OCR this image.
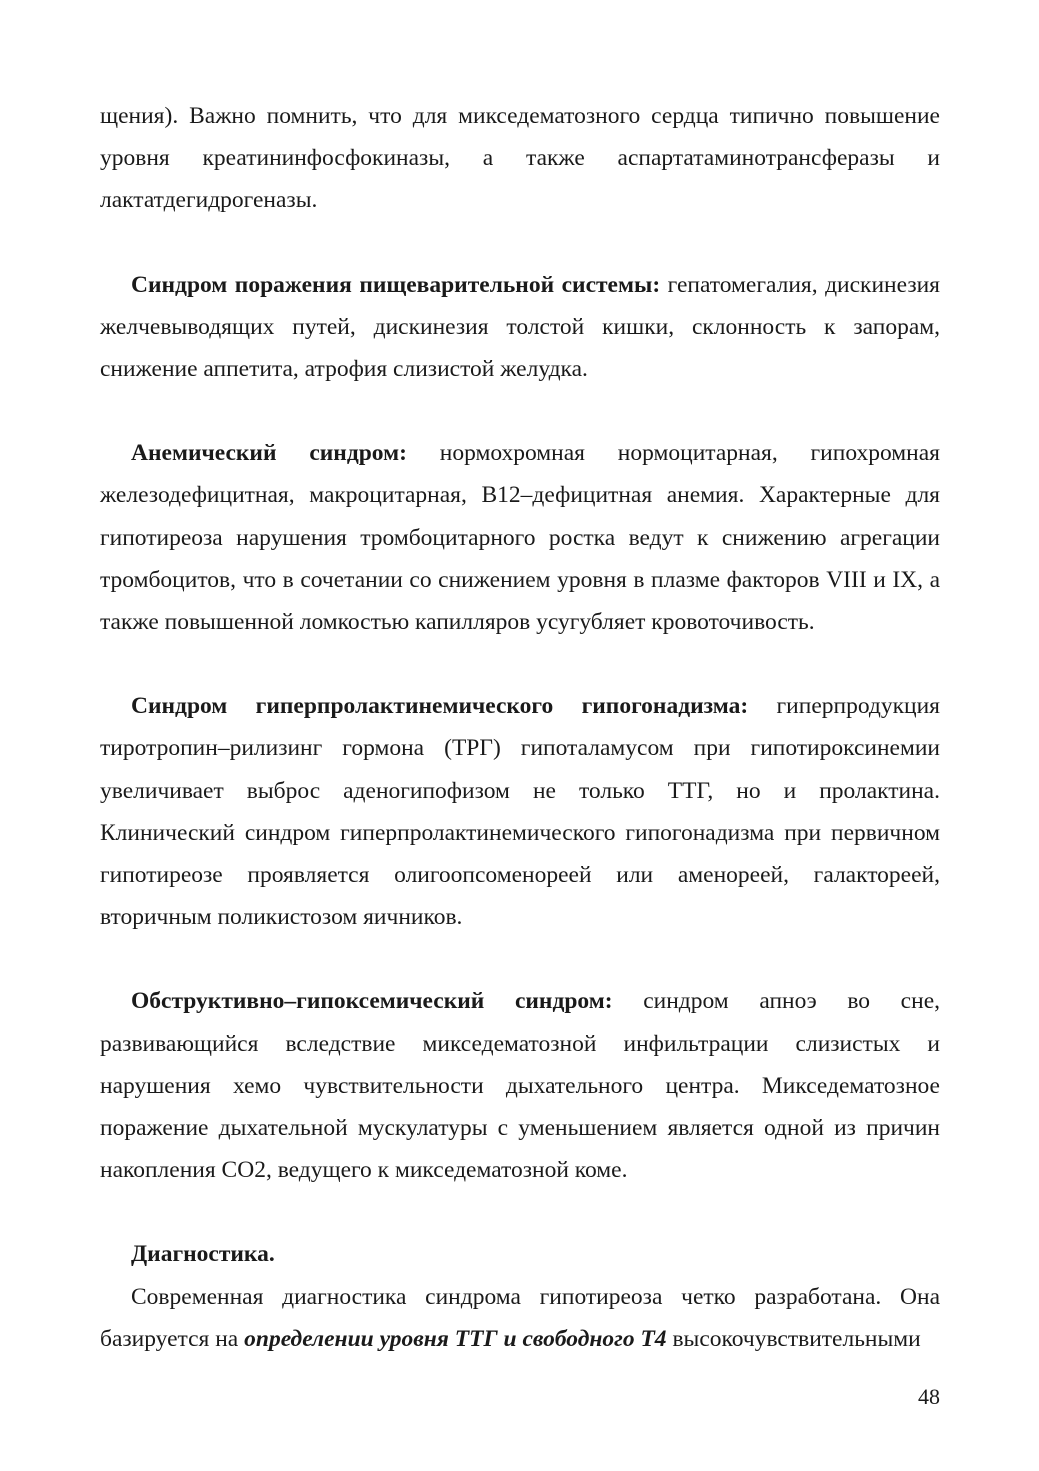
щения). Важно помнить, что для микседематозного сердца типично повышение уровня креатининфосфокиназы, а также аспартатаминотрансферазы и лактатдегидрогеназы.

Синдром поражения пищеварительной системы: гепатомегалия, дискинезия желчевыводящих путей, дискинезия толстой кишки, склонность к запорам, снижение аппетита, атрофия слизистой желудка.

Анемический синдром: нормохромная нормоцитарная, гипохромная железодефицитная, макроцитарная, В12–дефицитная анемия. Характерные для гипотиреоза нарушения тромбоцитарного ростка ведут к снижению агрегации тромбоцитов, что в сочетании со снижением уровня в плазме факторов VIII и IX, а также повышенной ломкостью капилляров усугубляет кровоточивость.

Синдром гиперпролактинемического гипогонадизма: гиперпродукция тиротропин–рилизинг гормона (ТРГ) гипоталамусом при гипотироксинемии увеличивает выброс аденогипофизом не только ТТГ, но и пролактина. Клинический синдром гиперпролактинемического гипогонадизма при первичном гипотиреозе проявляется олигоопсоменореей или аменореей, галактореей, вторичным поликистозом яичников.

Обструктивно–гипоксемический синдром: синдром апноэ во сне, развивающийся вследствие микседематозной инфильтрации слизистых и нарушения хемо чувствительности дыхательного центра. Микседематозное поражение дыхательной мускулатуры с уменьшением является одной из причин накопления СО2, ведущего к микседематозной коме.

Диагностика.

Современная диагностика синдрома гипотиреоза четко разработана. Она базируется на определении уровня ТТГ и свободного Т4 высокочувствительными

48
